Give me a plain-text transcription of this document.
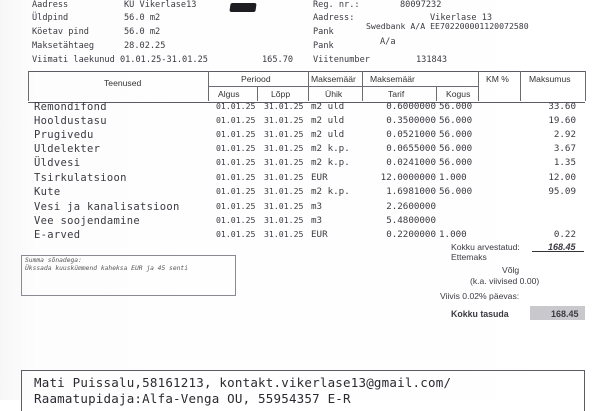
Aadress	KU Vikerlase13
Üldpind	56.0 m2
Köetav pind	56.0 m2
Maksetähtaeg	28.02.25
Viimati laekunud 01.01.25-31.01.25	165.70
Reg. nr.:	80097232
Aadress:	Vikerlase 13
Pank
Swedbank A/A EE702200001120072580
Pank	A/a
Viitenumber	131843
Teenused	Periood
Algus	Lõpp
Maksemäär
Ühik
Maksemäär
Tarif	Kogus
KM % Maksumus
Remondifond	01.01.25 31.01.25 m2 uld	0.6000000 56.000	33.60
Hooldustasu	01.01.25 31.01.25 m2 uld	0.3500000 56.000	19.60
Prugivedu	01.01.25 31.01.25 m2 uld	0.0521000 56.000	2.92
Uldelekter	01.01.25 31.01.25 m2 k.p.	0.0655000 56.000	3.67
Üldvesi	01.01.25 31.01.25 m2 k.p.	0.0241000 56.000	1.35
Tsirkulatsioon	01.01.25 31.01.25 EUR	12.0000000 1.000	12.00
Kute	01.01.25 31.01.25 m2 k.p.	1.6981000 56.000	95.09
Vesi ja kanalisatsioon	01.01.25 31.01.25 m3	2.2600000
Vee soojendamine	01.01.25 31.01.25 m3	5.4800000
E-arved	01.01.25 31.01.25 EUR	0.2200000 1.000	0.22
Kokku arvestatud:	168.45
Ettemaks
Võlg
(k.a. viivised 0.00)
Viivis 0.02% päevas:
Kokku tasuda	168.45
Summa sõnadega:
Ükssada kuuskümmend kaheksa EUR ja 45 senti
Mati Puissalu,58161213, kontakt.vikerlase13@gmail.com/
Raamatupidaja:Alfa-Venga OU, 55954357 E-R
